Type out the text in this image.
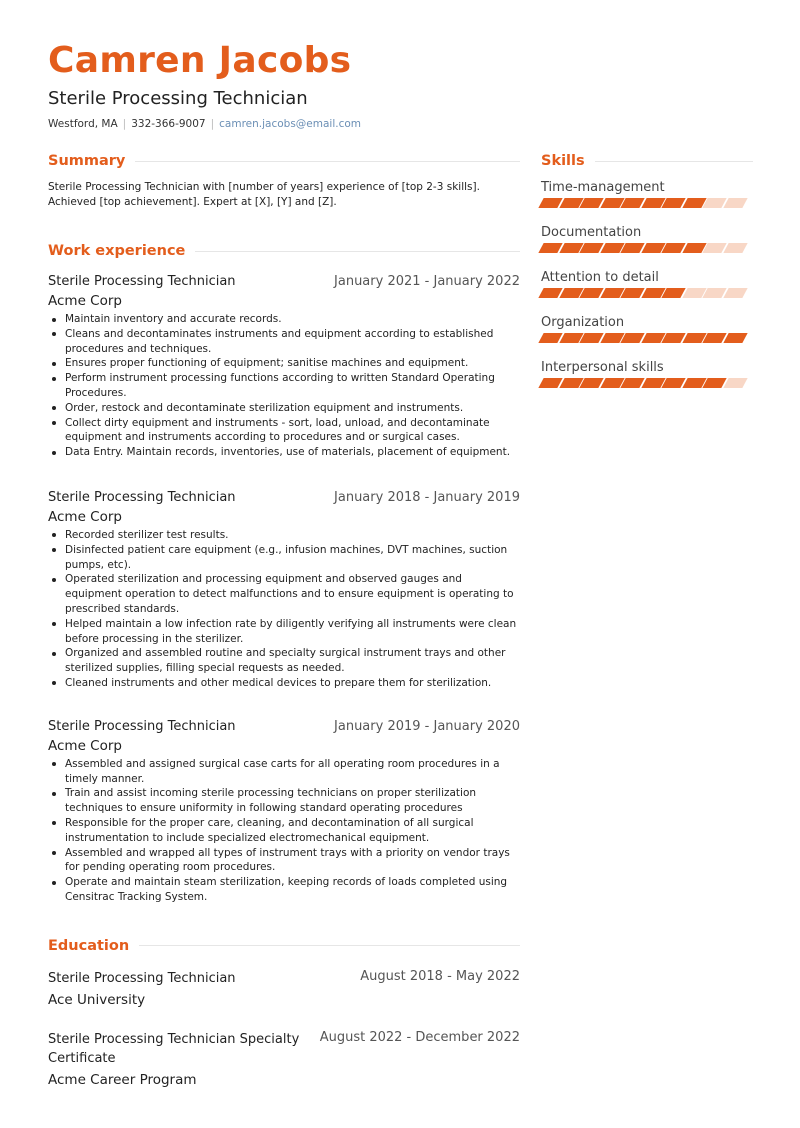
Camren Jacobs
Sterile Processing Technician
Westford, MA | 332-366-9007 | camren.jacobs@email.com
Summary

Sterile Processing Technician with [number of years] experience of [top 2-3 skills]. Achieved [top achievement]. Expert at [X], [Y] and [Z].

Work experience
Sterile Processing Technician	January 2021 - January 2022
Acme Corp
Maintain inventory and accurate records.
Cleans and decontaminates instruments and equipment according to established procedures and techniques.
Ensures proper functioning of equipment; sanitise machines and equipment.
Perform instrument processing functions according to written Standard Operating Procedures.
Order, restock and decontaminate sterilization equipment and instruments.
Collect dirty equipment and instruments - sort, load, unload, and decontaminate equipment and instruments according to procedures and or surgical cases.
Data Entry. Maintain records, inventories, use of materials, placement of equipment.
Sterile Processing Technician	January 2018 - January 2019
Acme Corp
Recorded sterilizer test results.
Disinfected patient care equipment (e.g., infusion machines, DVT machines, suction pumps, etc).
Operated sterilization and processing equipment and observed gauges and equipment operation to detect malfunctions and to ensure equipment is operating to prescribed standards.
Helped maintain a low infection rate by diligently verifying all instruments were clean before processing in the sterilizer.
Organized and assembled routine and specialty surgical instrument trays and other sterilized supplies, filling special requests as needed.
Cleaned instruments and other medical devices to prepare them for sterilization.
Sterile Processing Technician	January 2019 - January 2020
Acme Corp
Assembled and assigned surgical case carts for all operating room procedures in a timely manner.
Train and assist incoming sterile processing technicians on proper sterilization techniques to ensure uniformity in following standard operating procedures
Responsible for the proper care, cleaning, and decontamination of all surgical instrumentation to include specialized electromechanical equipment.
Assembled and wrapped all types of instrument trays with a priority on vendor trays for pending operating room procedures.
Operate and maintain steam sterilization, keeping records of loads completed using Censitrac Tracking System.
Education
Sterile Processing Technician	August 2018 - May 2022
Ace University
Sterile Processing Technician Specialty Certificate
August 2022 - December 2022
Acme Career Program
Skills
Time-management
Documentation
Attention to detail
Organization
Interpersonal skills
